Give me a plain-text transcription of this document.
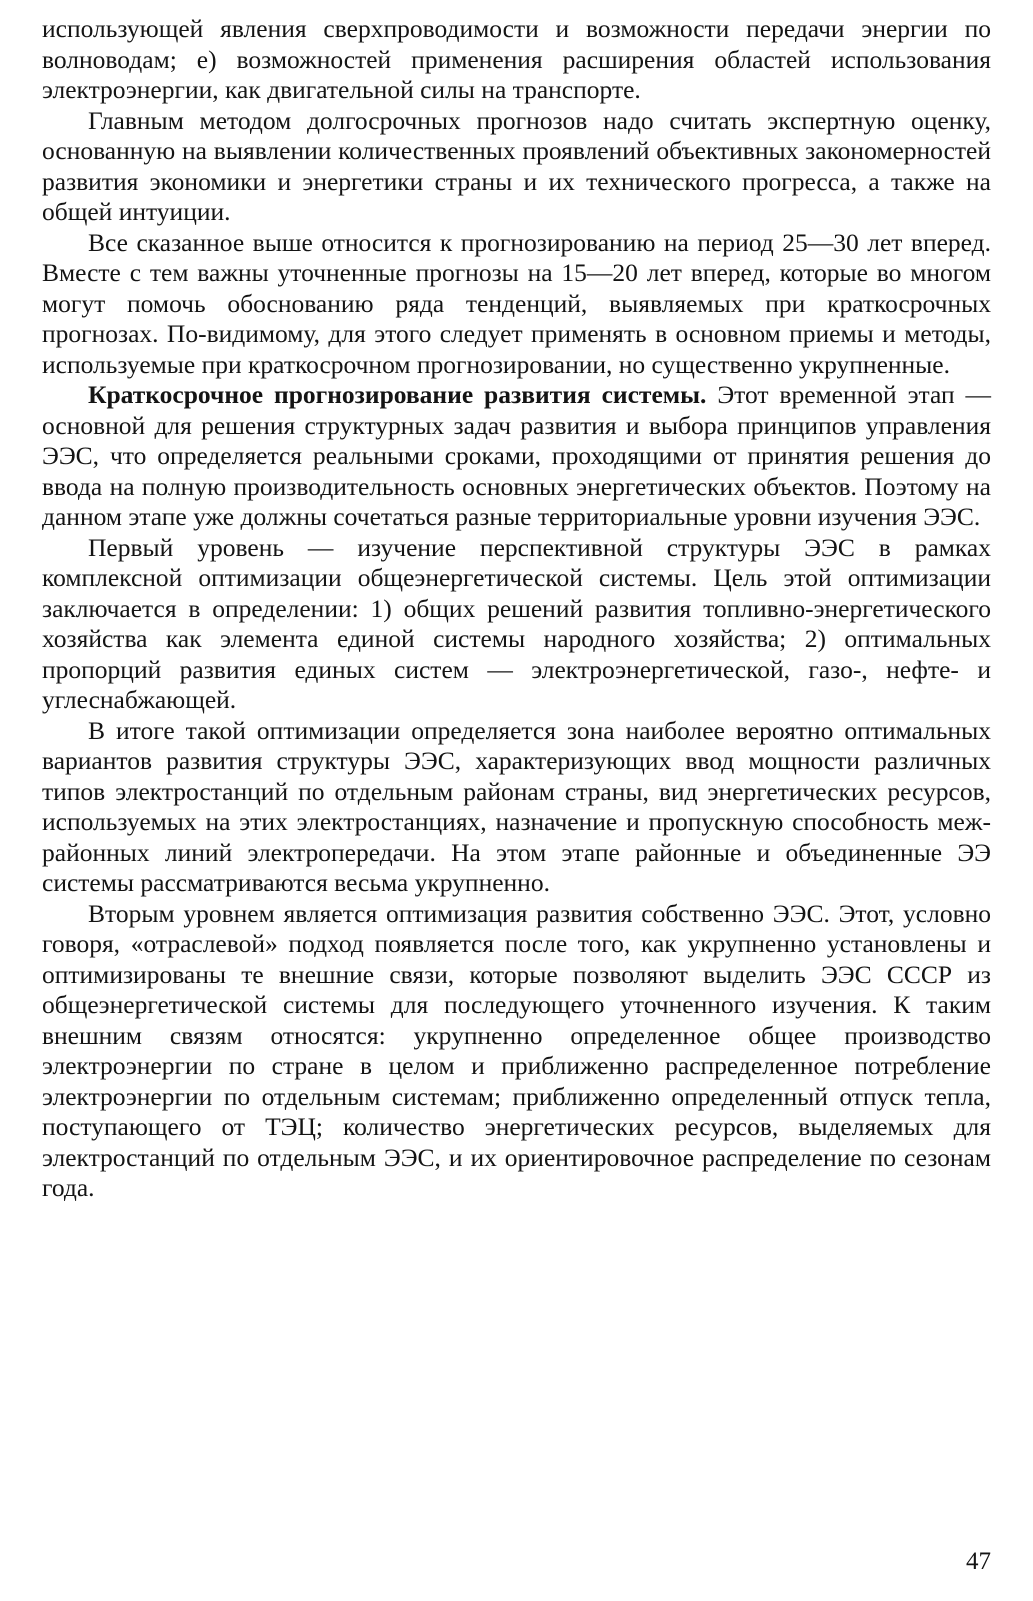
использующей явления сверхпроводимости и возможности передачи энергии по волноводам; е) возможностей применения расширения областей использования электроэнергии, как двигательной силы на транспорте.

Главным методом долгосрочных прогнозов надо считать экспертную оценку, основанную на выявлении количественных проявлений объективных закономерностей развития экономики и энергетики страны и их технического прогресса, а также на общей интуиции.

Все сказанное выше относится к прогнозированию на период 25—30 лет вперед. Вместе с тем важны уточненные прогнозы на 15—20 лет вперед, которые во многом могут помочь обоснованию ряда тенденций, выявляемых при краткосрочных прогнозах. По-видимому, для этого следует применять в основном приемы и методы, используемые при краткосрочном прогнозировании, но существенно укрупненные.

Краткосрочное прогнозирование развития системы. Этот временной этап — основной для решения структурных задач развития и выбора принципов управления ЭЭС, что определяется реальными сроками, проходящими от принятия решения до ввода на полную производительность основных энергетических объектов. Поэтому на данном этапе уже должны сочетаться разные территориальные уровни изучения ЭЭС.

Первый уровень — изучение перспективной структуры ЭЭС в рамках комплексной оптимизации общеэнергетической системы. Цель этой оптимизации заключается в определении: 1) общих решений развития топливно-энергетического хозяйства как элемента единой системы народного хозяйства; 2) оптимальных пропорций развития единых систем — электроэнергетической, газо-, нефте- и углеснабжающей.

В итоге такой оптимизации определяется зона наиболее вероятно оптимальных вариантов развития структуры ЭЭС, характеризующих ввод мощности различных типов электростанций по отдельным районам страны, вид энергетических ресурсов, используемых на этих электростанциях, назначение и пропускную способность межрайонных линий электропередачи. На этом этапе районные и объединенные ЭЭ системы рассматриваются весьма укрупненно.

Вторым уровнем является оптимизация развития собственно ЭЭС. Этот, условно говоря, «отраслевой» подход появляется после того, как укрупненно установлены и оптимизированы те внешние связи, которые позволяют выделить ЭЭС СССР из общеэнергетической системы для последующего уточненного изучения. К таким внешним связям относятся: укрупненно определенное общее производство электроэнергии по стране в целом и приближенно распределенное потребление электроэнергии по отдельным системам; приближенно определенный отпуск тепла, поступающего от ТЭЦ; количество энергетических ресурсов, выделяемых для электростанций по отдельным ЭЭС, и их ориентировочное распределение по сезонам года.

47
